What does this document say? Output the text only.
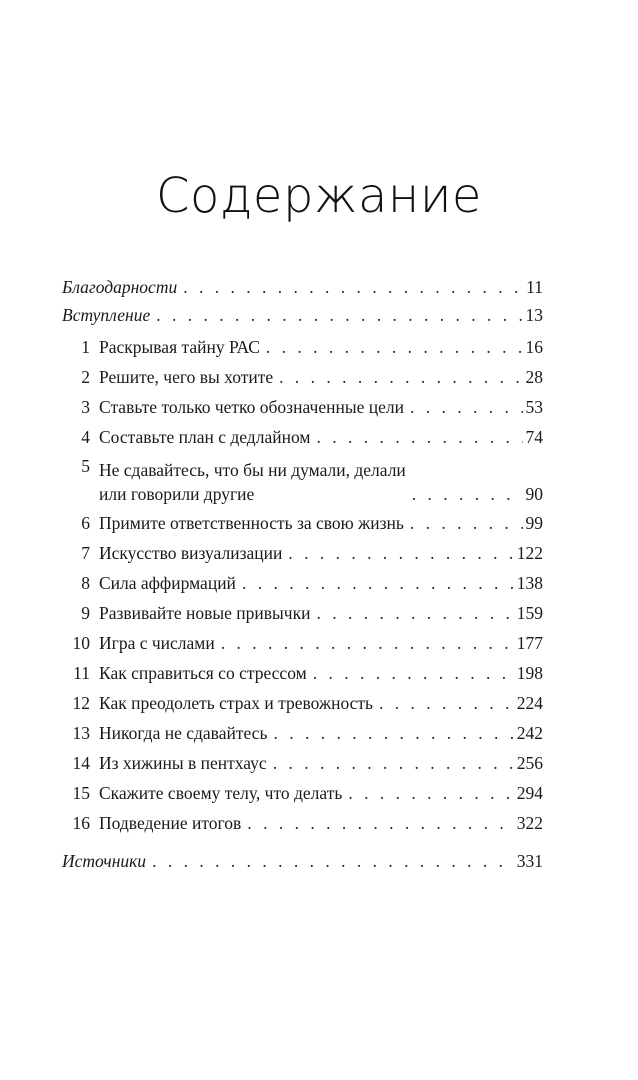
Содержание
Благодарности . . .	11
Вступление . . .	13
1 Раскрывая тайну РАС . . .	16
2 Решите, чего вы хотите . . .	28
3 Ставьте только четко обозначенные цели . . .	53
4 Составьте план с дедлайном . . .	74
5 Не сдавайтесь, что бы ни думали, делали
или говорили другие . . .	90
6 Примите ответственность за свою жизнь . . .	99
7 Искусство визуализации . . .	122
8 Сила аффирмаций . . .	138
9 Развивайте новые привычки . . .	159
10 Игра с числами . . .	177
11 Как справиться со стрессом . . .	198
12 Как преодолеть страх и тревожность . . .	224
13 Никогда не сдавайтесь . . .	242
14 Из хижины в пентхаус . . .	256
15 Скажите своему телу, что делать . . .	294
16 Подведение итогов . . .	322
Источники . . .	331
